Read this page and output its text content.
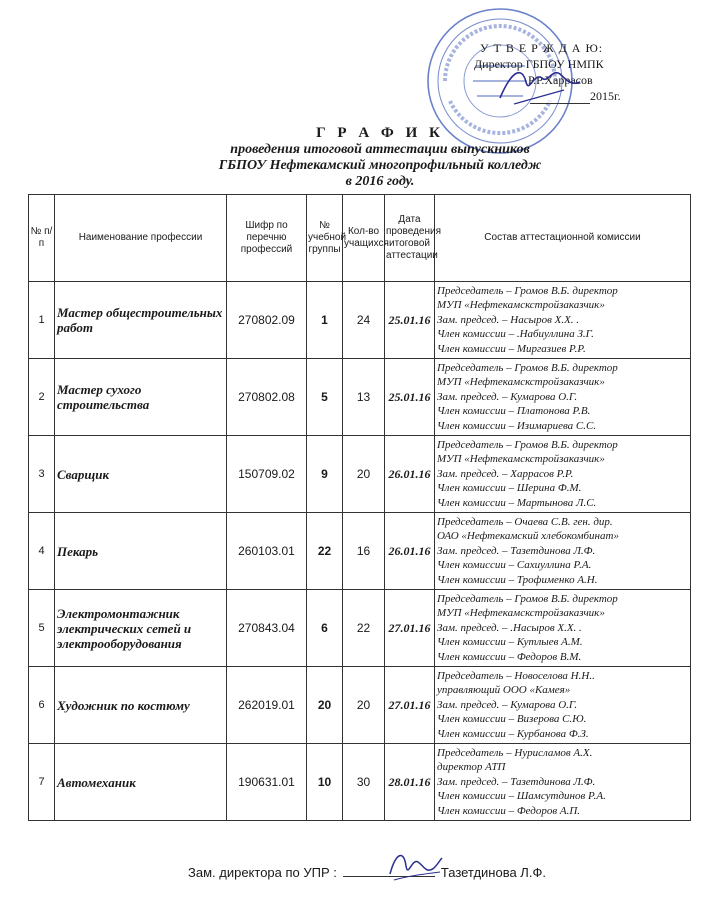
У Т В Е Р Ж Д А Ю:
Директор ГБПОУ НМПК
Р.Р.Харрасов
2015г.
Г Р А Ф И К
проведения итоговой аттестации выпускников
ГБПОУ Нефтекамский многопрофильный колледж
в 2016 году.
№ п/п	Наименование профессии	Шифр по перечню профессий	№ учебной группы	Кол-во учащихся	Дата проведения итоговой аттестации	Состав аттестационной комиссии
1	Мастер общестроительных работ	270802.09	1	24	25.01.16	Председатель – Громов В.Б. директор
МУП «Нефтекамскстройзаказчик»
Зам. председ. – Насыров Х.Х. .
Член комиссии – .Набиуллина З.Г.
Член комиссии – Миргазиев Р.Р.

2	Мастер сухого строительства	270802.08	5	13	25.01.16	Председатель – Громов В.Б. директор
МУП «Нефтекамскстройзаказчик»
Зам. председ. – Кумарова О.Г.
Член комиссии – Платонова Р.В.
Член комиссии – Изимариева С.С.

3	Сварщик	150709.02	9	20	26.01.16	Председатель – Громов В.Б. директор
МУП «Нефтекамскстройзаказчик»
Зам. председ. – Харрасов Р.Р.
Член комиссии – Шерина Ф.М.
Член комиссии – Мартынова Л.С.

4	Пекарь	260103.01	22	16	26.01.16	Председатель – Очаева С.В. ген. дир.
ОАО «Нефтекамский хлебокомбинат»
Зам. председ. – Тазетдинова Л.Ф.
Член комиссии – Сахиуллина Р.А.
Член комиссии – Трофименко А.Н.

5	Электромонтажник электрических сетей и электрооборудования	270843.04	6	22	27.01.16	Председатель – Громов В.Б. директор
МУП «Нефтекамскстройзаказчик»
Зам. председ. – .Насыров Х.Х. .
Член комиссии – Кутлыев А.М.
Член комиссии – Федоров В.М.

6	Художник по костюму	262019.01	20	20	27.01.16	Председатель – Новоселова Н.Н..
управляющий ООО «Камея»
Зам. председ. – Кумарова О.Г.
Член комиссии – Визерова С.Ю.
Член комиссии – Курбанова Ф.З.

7	Автомеханик	190631.01	10	30	28.01.16	Председатель – Нурисламов А.Х.
директор АТП
Зам. председ. – Тазетдинова Л.Ф.
Член комиссии – Шамсутдинов Р.А.
Член комиссии – Федоров А.П.
Зам. директора по УПР :	Тазетдинова Л.Ф.
